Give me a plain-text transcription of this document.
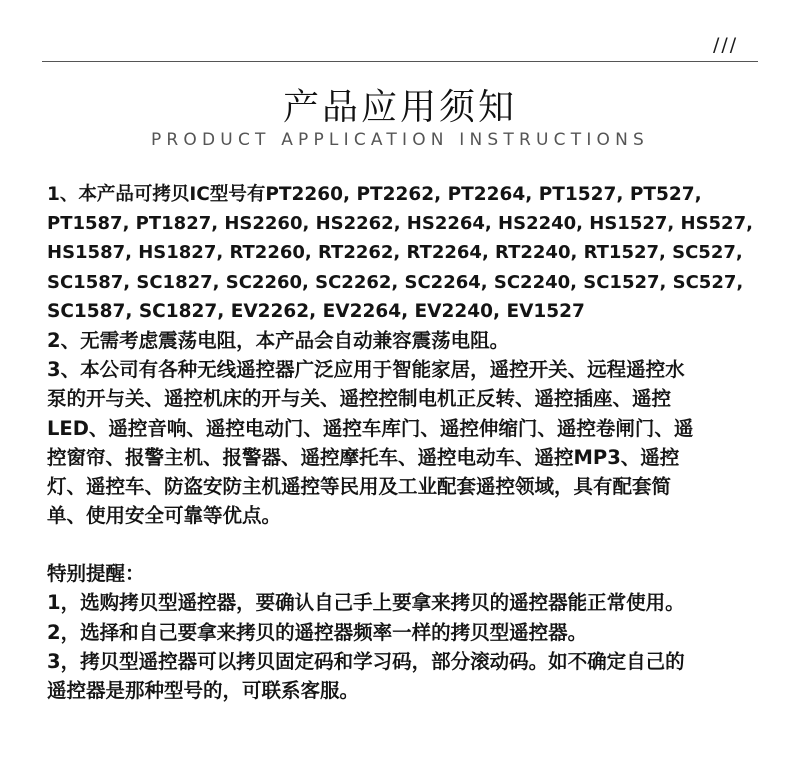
///
产品应用须知
PRODUCT APPLICATION INSTRUCTIONS
1、本产品可拷贝IC型号有PT2260, PT2262, PT2264, PT1527, PT527,
PT1587, PT1827, HS2260, HS2262, HS2264, HS2240, HS1527, HS527,
HS1587, HS1827, RT2260, RT2262, RT2264, RT2240, RT1527, SC527,
SC1587, SC1827, SC2260, SC2262, SC2264, SC2240, SC1527, SC527,
SC1587, SC1827, EV2262, EV2264, EV2240, EV1527
2、无需考虑震荡电阻，本产品会自动兼容震荡电阻。
3、本公司有各种无线遥控器广泛应用于智能家居，遥控开关、远程遥控水
泵的开与关、遥控机床的开与关、遥控控制电机正反转、遥控插座、遥控
LED、遥控音响、遥控电动门、遥控车库门、遥控伸缩门、遥控卷闸门、遥
控窗帘、报警主机、报警器、遥控摩托车、遥控电动车、遥控MP3、遥控
灯、遥控车、防盗安防主机遥控等民用及工业配套遥控领域，具有配套简
单、使用安全可靠等优点。
特别提醒：
1，选购拷贝型遥控器，要确认自己手上要拿来拷贝的遥控器能正常使用。
2，选择和自己要拿来拷贝的遥控器频率一样的拷贝型遥控器。
3，拷贝型遥控器可以拷贝固定码和学习码，部分滚动码。如不确定自己的
遥控器是那种型号的，可联系客服。
